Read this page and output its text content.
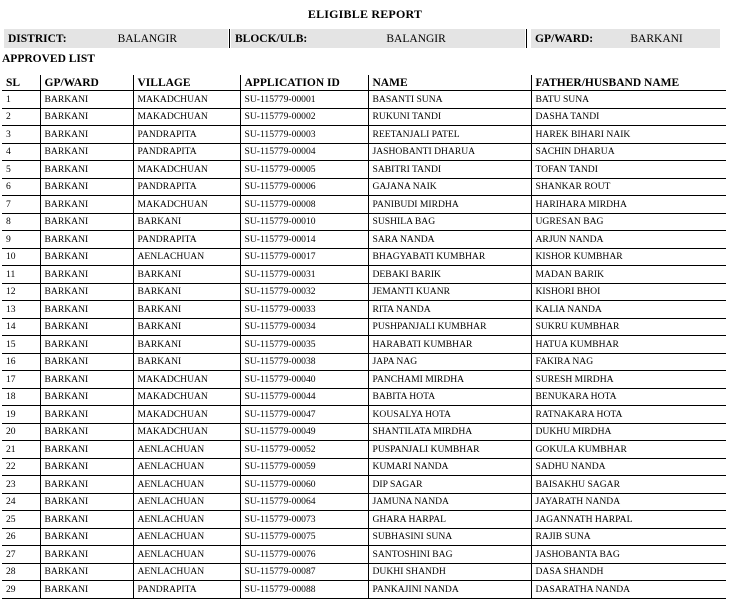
ELIGIBLE REPORT
DISTRICT:	BALANGIR	BLOCK/ULB:	BALANGIR	GP/WARD:	BARKANI
APPROVED LIST
SL	GP/WARD	VILLAGE	APPLICATION ID	NAME	FATHER/HUSBAND NAME
1	BARKANI	MAKADCHUAN	SU-115779-00001	BASANTI SUNA	BATU SUNA
2	BARKANI	MAKADCHUAN	SU-115779-00002	RUKUNI TANDI	DASHA TANDI
3	BARKANI	PANDRAPITA	SU-115779-00003	REETANJALI PATEL	HAREK BIHARI NAIK
4	BARKANI	PANDRAPITA	SU-115779-00004	JASHOBANTI DHARUA	SACHIN DHARUA
5	BARKANI	MAKADCHUAN	SU-115779-00005	SABITRI TANDI	TOFAN TANDI
6	BARKANI	PANDRAPITA	SU-115779-00006	GAJANA NAIK	SHANKAR ROUT
7	BARKANI	MAKADCHUAN	SU-115779-00008	PANIBUDI MIRDHA	HARIHARA MIRDHA
8	BARKANI	BARKANI	SU-115779-00010	SUSHILA BAG	UGRESAN BAG
9	BARKANI	PANDRAPITA	SU-115779-00014	SARA NANDA	ARJUN NANDA
10	BARKANI	AENLACHUAN	SU-115779-00017	BHAGYABATI KUMBHAR	KISHOR KUMBHAR
11	BARKANI	BARKANI	SU-115779-00031	DEBAKI BARIK	MADAN BARIK
12	BARKANI	BARKANI	SU-115779-00032	JEMANTI KUANR	KISHORI BHOI
13	BARKANI	BARKANI	SU-115779-00033	RITA NANDA	KALIA NANDA
14	BARKANI	BARKANI	SU-115779-00034	PUSHPANJALI KUMBHAR	SUKRU KUMBHAR
15	BARKANI	BARKANI	SU-115779-00035	HARABATI KUMBHAR	HATUA KUMBHAR
16	BARKANI	BARKANI	SU-115779-00038	JAPA NAG	FAKIRA NAG
17	BARKANI	MAKADCHUAN	SU-115779-00040	PANCHAMI MIRDHA	SURESH MIRDHA
18	BARKANI	MAKADCHUAN	SU-115779-00044	BABITA HOTA	BENUKARA HOTA
19	BARKANI	MAKADCHUAN	SU-115779-00047	KOUSALYA HOTA	RATNAKARA HOTA
20	BARKANI	MAKADCHUAN	SU-115779-00049	SHANTILATA MIRDHA	DUKHU MIRDHA
21	BARKANI	AENLACHUAN	SU-115779-00052	PUSPANJALI KUMBHAR	GOKULA KUMBHAR
22	BARKANI	AENLACHUAN	SU-115779-00059	KUMARI NANDA	SADHU NANDA
23	BARKANI	AENLACHUAN	SU-115779-00060	DIP SAGAR	BAISAKHU SAGAR
24	BARKANI	AENLACHUAN	SU-115779-00064	JAMUNA NANDA	JAYARATH NANDA
25	BARKANI	AENLACHUAN	SU-115779-00073	GHARA HARPAL	JAGANNATH HARPAL
26	BARKANI	AENLACHUAN	SU-115779-00075	SUBHASINI SUNA	RAJIB SUNA
27	BARKANI	AENLACHUAN	SU-115779-00076	SANTOSHINI BAG	JASHOBANTA BAG
28	BARKANI	AENLACHUAN	SU-115779-00087	DUKHI SHANDH	DASA SHANDH
29	BARKANI	PANDRAPITA	SU-115779-00088	PANKAJINI NANDA	DASARATHA NANDA
